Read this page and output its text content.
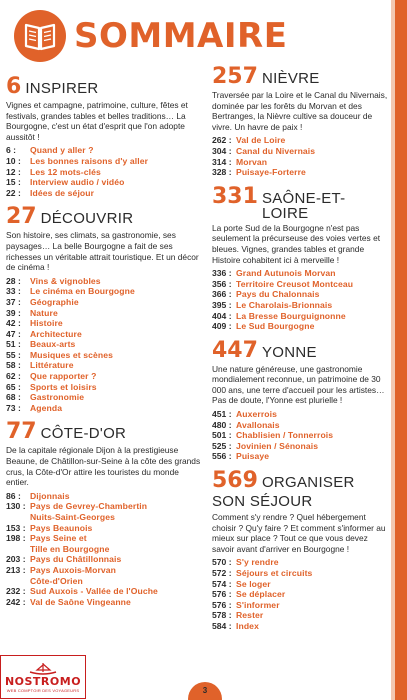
SOMMAIRE
6 INSPIRER

Vignes et campagne, patrimoine, culture, fêtes et festivals, grandes tables et belles traditions… La Bourgogne, c'est un état d'esprit que l'on adopte aussitôt !

6 :	Quand y aller ?
10 :	Les bonnes raisons d'y aller
12 :	Les 12 mots-clés
15 :	Interview audio / vidéo
22 :	Idées de séjour
27 DÉCOUVRIR

Son histoire, ses climats, sa gastronomie, ses paysages… La belle Bourgogne a fait de ses richesses un véritable attrait touristique. Et un décor de cinéma !

28 :	Vins & vignobles
33 :	Le cinéma en Bourgogne
37 :	Géographie
39 :	Nature
42 :	Histoire
47 :	Architecture
51 :	Beaux-arts
55 :	Musiques et scènes
58 :	Littérature
62 :	Que rapporter ?
65 :	Sports et loisirs
68 :	Gastronomie
73 :	Agenda
77 CÔTE-D'OR

De la capitale régionale Dijon à la prestigieuse Beaune, de Châtillon-sur-Seine à la côte des grands crus, la Côte-d'Or attire les touristes du monde entier.

86 :	Dijonnais
130 : Pays de Gevrey-Chambertin
Nuits-Saint-Georges
153 : Pays Beaunois
198 : Pays Seine et
Tille en Bourgogne
203 : Pays du Châtillonnais
213 : Pays Auxois-Morvan
Côte-d'Orien
232 : Sud Auxois - Vallée de l'Ouche
242 : Val de Saône Vingeanne
257 NIÈVRE

Traversée par la Loire et le Canal du Nivernais, dominée par les forêts du Morvan et des Bertranges, la Nièvre cultive sa douceur de vivre. Un havre de paix !

262 : Val de Loire
304 : Canal du Nivernais
314 : Morvan
328 : Puisaye-Forterre
331 SAÔNE-ET-LOIRE

La porte Sud de la Bourgogne n'est pas seulement la précurseuse des voies vertes et bleues. Vignes, grandes tables et grande Histoire cohabitent ici à merveille !

336 : Grand Autunois Morvan
356 : Territoire Creusot Montceau
366 : Pays du Chalonnais
395 : Le Charolais-Brionnais
404 : La Bresse Bourguignonne
409 : Le Sud Bourgogne
447 YONNE

Une nature généreuse, une gastronomie mondialement reconnue, un patrimoine de 30 000 ans, une terre d'accueil pour les artistes… Pas de doute, l'Yonne est plurielle !

451 : Auxerrois
480 : Avallonais
501 : Chablisien / Tonnerrois
525 : Jovinien / Sénonais
556 : Puisaye
569 ORGANISER
SON SÉJOUR

Comment s'y rendre ? Quel hébergement choisir ? Qu'y faire ? Et comment s'informer au mieux sur place ? Tout ce que vous devez savoir avant d'arriver en Bourgogne !

570 : S'y rendre
572 : Séjours et circuits
574 : Se loger
576 : Se déplacer
576 : S'informer
578 : Rester
584 : Index
NOSTROMO
WEB COMPTOIR DES VOYAGEURS	3
